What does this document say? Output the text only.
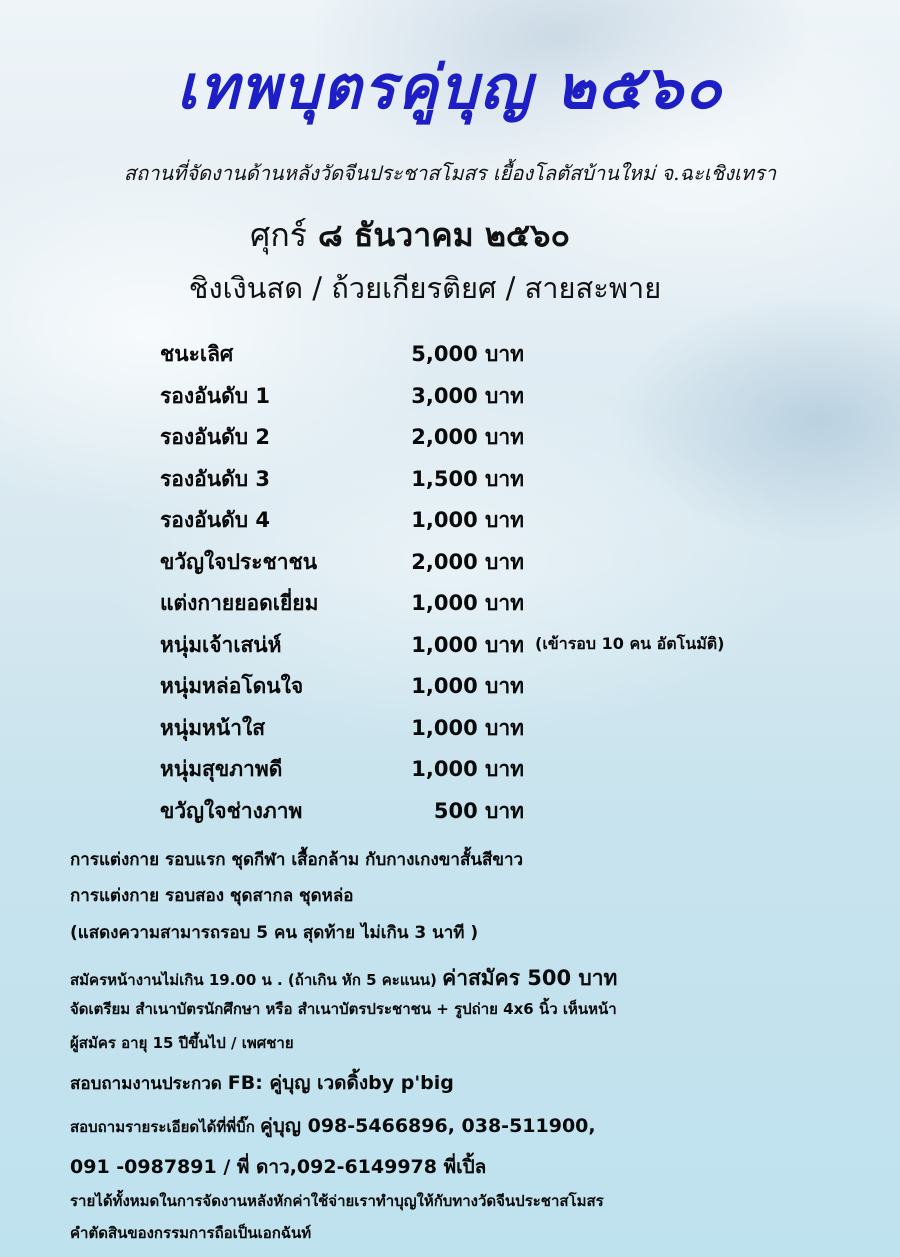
เทพบุตรคู่บุญ ๒๕๖๐
สถานที่จัดงานด้านหลังวัดจีนประชาสโมสร เยื้องโลตัสบ้านใหม่ จ.ฉะเชิงเทรา
ศุกร์ ๘ ธันวาคม ๒๕๖๐
ชิงเงินสด / ถ้วยเกียรติยศ / สายสะพาย
ชนะเลิศ	5,000 บาท
รองอันดับ 1	3,000 บาท
รองอันดับ 2	2,000 บาท
รองอันดับ 3	1,500 บาท
รองอันดับ 4	1,000 บาท
ขวัญใจประชาชน	2,000 บาท
แต่งกายยอดเยี่ยม	1,000 บาท
หนุ่มเจ้าเสน่ห์	1,000 บาท (เข้ารอบ 10 คน อัตโนมัติ)
หนุ่มหล่อโดนใจ	1,000 บาท
หนุ่มหน้าใส	1,000 บาท
หนุ่มสุขภาพดี	1,000 บาท
ขวัญใจช่างภาพ	500 บาท
การแต่งกาย รอบแรก ชุดกีฬา เสื้อกล้าม กับกางเกงขาสั้นสีขาว
การแต่งกาย รอบสอง ชุดสากล ชุดหล่อ
(แสดงความสามารถรอบ 5 คน สุดท้าย ไม่เกิน 3 นาที )
สมัครหน้างานไม่เกิน 19.00 น . (ถ้าเกิน หัก 5 คะแนน) ค่าสมัคร 500 บาท
จัดเตรียม สำเนาบัตรนักศึกษา หรือ สำเนาบัตรประชาชน + รูปถ่าย 4x6 นิ้ว เห็นหน้า
ผู้สมัคร อายุ 15 ปีขึ้นไป / เพศชาย
สอบถามงานประกวด FB: คู่บุญ เวดดิ้งby p'big
สอบถามรายระเอียดได้ที่พี่บิ๊ก คู่บุญ 098-5466896, 038-511900,
091 -0987891 / พี่ ดาว,092-6149978 พี่เปิ้ล
รายได้ทั้งหมดในการจัดงานหลังหักค่าใช้จ่ายเราทำบุญให้กับทางวัดจีนประชาสโมสร
คำตัดสินของกรรมการถือเป็นเอกฉันท์
